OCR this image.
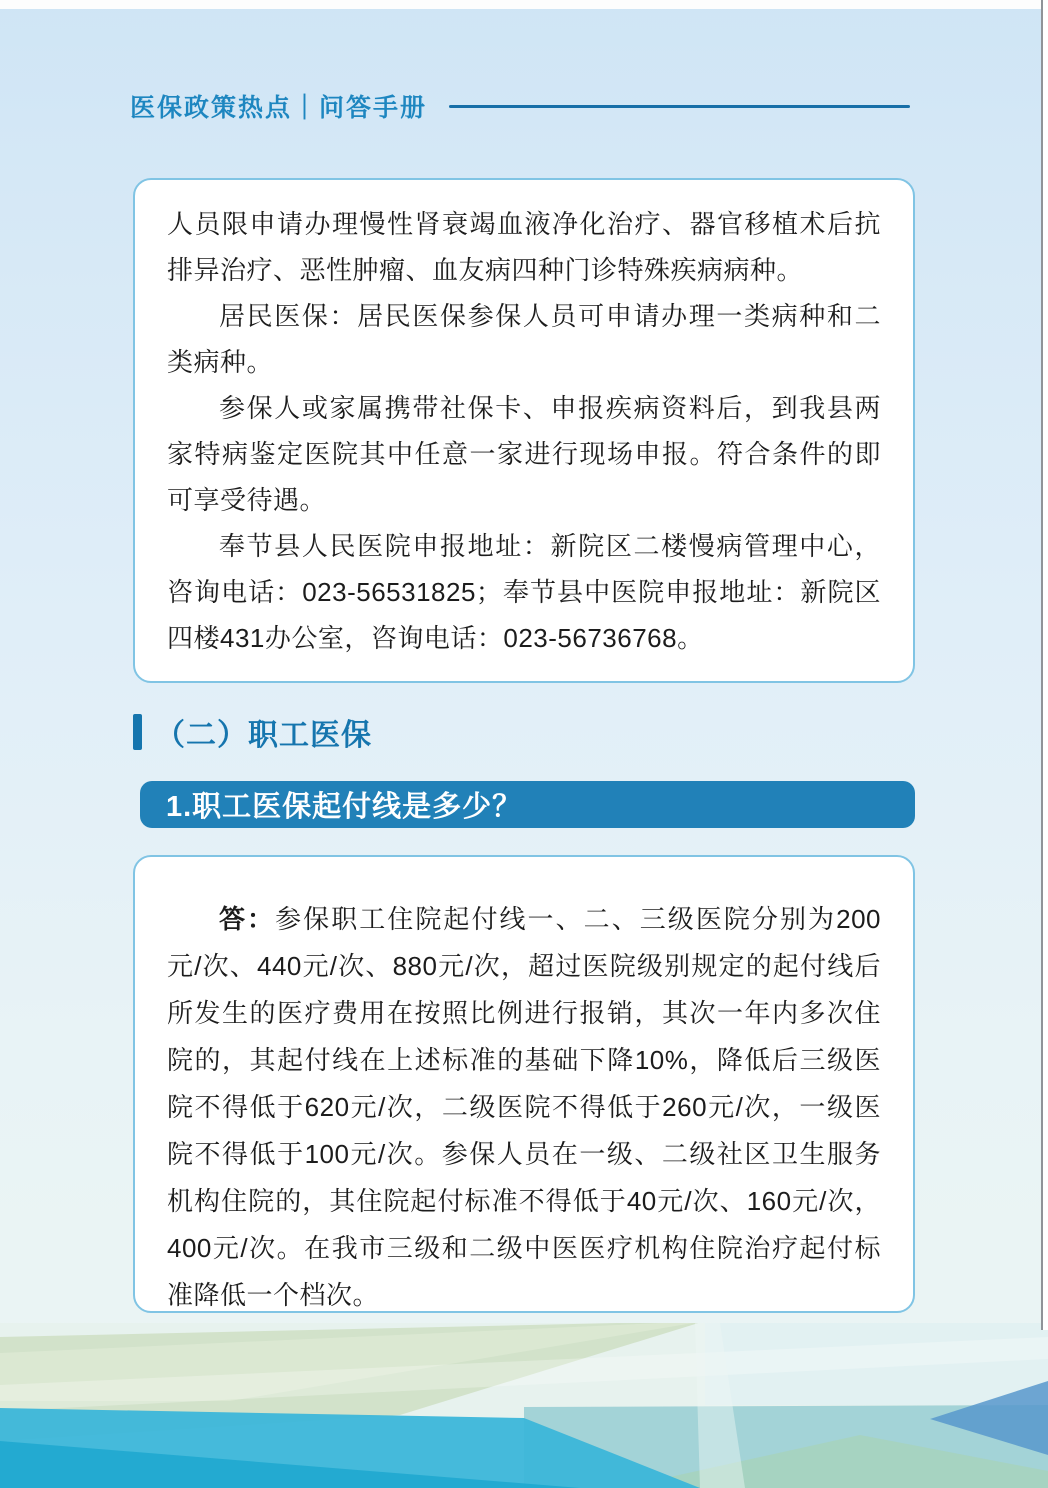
医保政策热点｜问答手册

人员限申请办理慢性肾衰竭血液净化治疗、器官移植术后抗排异治疗、恶性肿瘤、血友病四种门诊特殊疾病病种。

居民医保：居民医保参保人员可申请办理一类病种和二类病种。

参保人或家属携带社保卡、申报疾病资料后，到我县两家特病鉴定医院其中任意一家进行现场申报。符合条件的即可享受待遇。

奉节县人民医院申报地址：新院区二楼慢病管理中心，咨询电话：023-56531825；奉节县中医院申报地址：新院区四楼431办公室，咨询电话：023-56736768。

（二）职工医保
1.职工医保起付线是多少？

答：参保职工住院起付线一、二、三级医院分别为200元/次、440元/次、880元/次，超过医院级别规定的起付线后所发生的医疗费用在按照比例进行报销，其次一年内多次住院的，其起付线在上述标准的基础下降10%，降低后三级医院不得低于620元/次，二级医院不得低于260元/次，一级医院不得低于100元/次。参保人员在一级、二级社区卫生服务机构住院的，其住院起付标准不得低于40元/次、160元/次，400元/次。在我市三级和二级中医医疗机构住院治疗起付标准降低一个档次。
